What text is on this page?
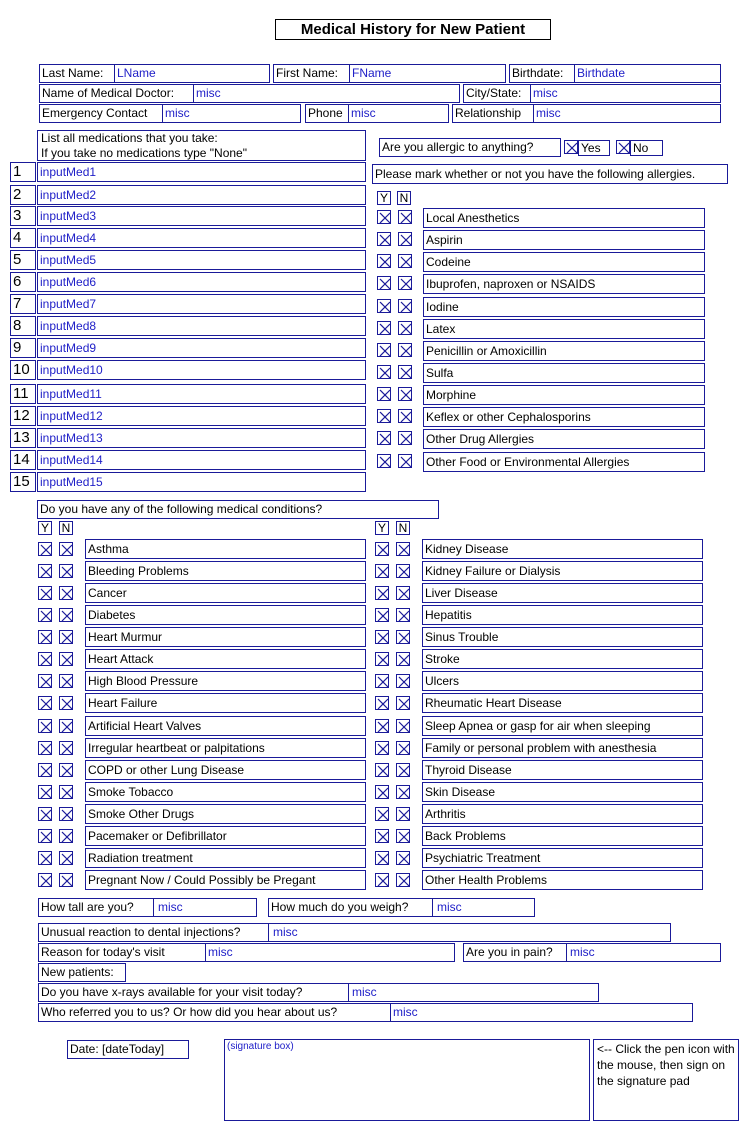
Medical History for New Patient
Last Name: LName	First Name: FName	Birthdate: Birthdate
Name of Medical Doctor: misc	City/State: misc
Emergency Contact misc	Phone misc	Relationship misc
List all medications that you take:
If you take no medications type "None"	Are you allergic to anything?	Yes	No
Please mark whether or not you have the following allergies.
Y N
1	inputMed1
2	inputMed2
3	inputMed3
4	inputMed4
5	inputMed5
6	inputMed6
7	inputMed7
8	inputMed8
9	inputMed9
10 inputMed10
11 inputMed11
12 inputMed12
13 inputMed13
14 inputMed14
15 inputMed15
Local Anesthetics
Aspirin
Codeine
Ibuprofen, naproxen or NSAIDS
Iodine
Latex
Penicillin or Amoxicillin
Sulfa
Morphine
Keflex or other Cephalosporins
Other Drug Allergies
Other Food or Environmental Allergies
Do you have any of the following medical conditions?
Y N	Y N
Asthma
Bleeding Problems
Cancer
Diabetes
Heart Murmur
Heart Attack
High Blood Pressure
Heart Failure
Artificial Heart Valves
Irregular heartbeat or palpitations
COPD or other Lung Disease
Smoke Tobacco
Smoke Other Drugs
Pacemaker or Defibrillator
Radiation treatment
Pregnant Now / Could Possibly be Pregant
Kidney Disease
Kidney Failure or Dialysis
Liver Disease
Hepatitis
Sinus Trouble
Stroke
Ulcers
Rheumatic Heart Disease
Sleep Apnea or gasp for air when sleeping
Family or personal problem with anesthesia
Thyroid Disease
Skin Disease
Arthritis
Back Problems
Psychiatric Treatment
Other Health Problems
How tall are you? misc	How much do you weigh? misc
Unusual reaction to dental injections?	misc
Reason for today's visit	misc	Are you in pain? misc
New patients:
Do you have x-rays available for your visit today?	misc
Who referred you to us? Or how did you hear about us?	misc
Date: [dateToday]	(signature box)	<-- Click the pen icon with the mouse, then sign on the signature pad
